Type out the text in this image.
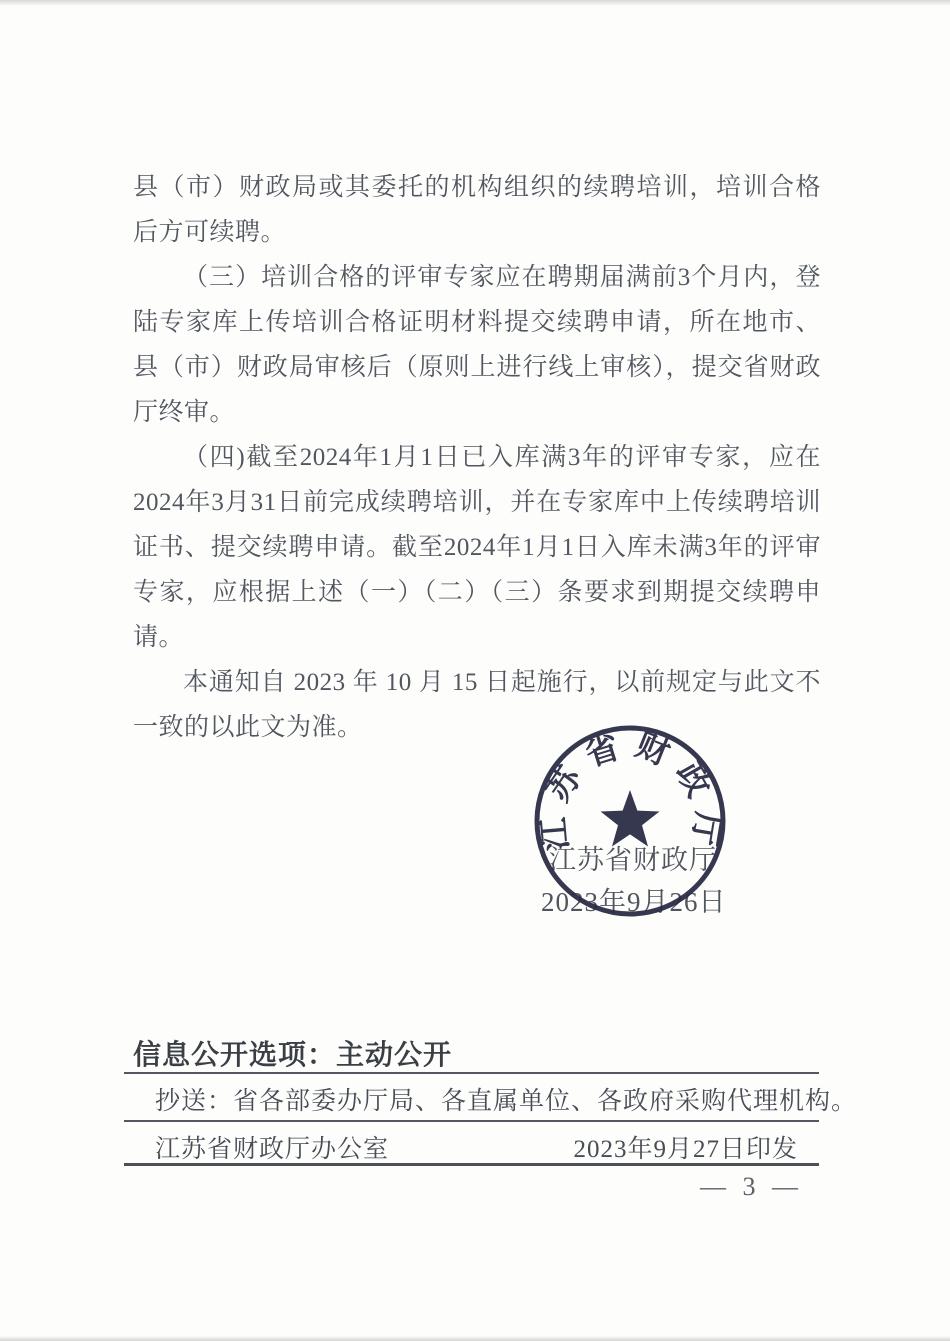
县（市）财政局或其委托的机构组织的续聘培训，培训合格后方可续聘。

（三）培训合格的评审专家应在聘期届满前3个月内，登陆专家库上传培训合格证明材料提交续聘申请，所在地市、县（市）财政局审核后（原则上进行线上审核），提交省财政厅终审。

（四)截至2024年1月1日已入库满3年的评审专家，应在2024年3月31日前完成续聘培训，并在专家库中上传续聘培训证书、提交续聘申请。截至2024年1月1日入库未满3年的评审专家，应根据上述（一）（二）（三）条要求到期提交续聘申请。

本通知自 2023 年 10 月 15 日起施行，以前规定与此文不一致的以此文为准。

江苏省财政厅
2023年9月26日
江苏省财政厅
信息公开选项：主动公开
抄送：省各部委办厅局、各直属单位、各政府采购代理机构。
江苏省财政厅办公室	2023年9月27日印发
— 3 —
